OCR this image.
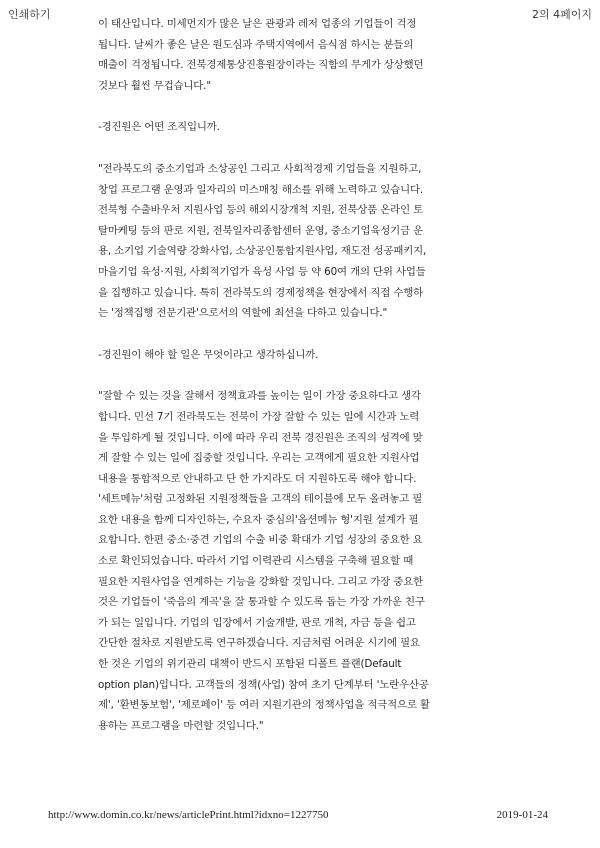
인쇄하기	2의 4페이지

이 태산입니다. 미세먼지가 많은 날은 관광과 레저 업종의 기업들이 걱정
됩니다. 날씨가 좋은 날은 원도심과 주택지역에서 음식점 하시는 분들의
매출이 걱정됩니다. 전북경제통상진흥원장이라는 직함의 무게가 상상했던
것보다 훨씬 무겁습니다."

-경진원은 어떤 조직입니까.

"전라북도의 중소기업과 소상공인 그리고 사회적경제 기업들을 지원하고,
창업 프로그램 운영과 일자리의 미스매칭 해소를 위해 노력하고 있습니다.
전북형 수출바우처 지원사업 등의 해외시장개척 지원, 전북상품 온라인 토
탈마케팅 등의 판로 지원, 전북일자리종합센터 운영, 중소기업육성기금 운
용, 소기업 기술역량 강화사업, 소상공인통합지원사업, 재도전 성공패키지,
마을기업 육성·지원, 사회적기업가 육성 사업 등 약 60여 개의 단위 사업들
을 집행하고 있습니다. 특히 전라북도의 경제정책을 현장에서 직접 수행하
는 '정책집행 전문기관'으로서의 역할에 최선을 다하고 있습니다."

-경진원이 해야 할 일은 무엇이라고 생각하십니까.

"잘할 수 있는 것을 잘해서 정책효과를 높이는 일이 가장 중요하다고 생각
합니다. 민선 7기 전라북도는 전북이 가장 잘할 수 있는 일에 시간과 노력
을 투입하게 될 것입니다. 이에 따라 우리 전북 경진원은 조직의 성격에 맞
게 잘할 수 있는 일에 집중할 것입니다. 우리는 고객에게 필요한 지원사업
내용을 통합적으로 안내하고 단 한 가지라도 더 지원하도록 해야 합니다.
'세트메뉴'처럼 고정화된 지원정책들을 고객의 테이블에 모두 올려놓고 필
요한 내용을 함께 디자인하는, 수요자 중심의'옵션메뉴 형'지원 설계가 필
요합니다. 한편 중소·중견 기업의 수출 비중 확대가 기업 성장의 중요한 요
소로 확인되었습니다. 따라서 기업 이력관리 시스템을 구축해 필요할 때
필요한 지원사업을 연계하는 기능을 강화할 것입니다. 그리고 가장 중요한
것은 기업들이 '죽음의 계곡'을 잘 통과할 수 있도록 돕는 가장 가까운 친구
가 되는 일입니다. 기업의 입장에서 기술개발, 판로 개척, 자금 등을 쉽고
간단한 절차로 지원받도록 연구하겠습니다. 지금처럼 어려운 시기에 필요
한 것은 기업의 위기관리 대책이 반드시 포함된 디폴트 플랜(Default
option plan)입니다. 고객들의 정책(사업) 참여 초기 단계부터 '노란우산공
제', '환변동보험', '제로페이' 등 여러 지원기관의 정책사업을 적극적으로 활
용하는 프로그램을 마련할 것입니다."

http://www.domin.co.kr/news/articlePrint.html?idxno=1227750	2019-01-24
